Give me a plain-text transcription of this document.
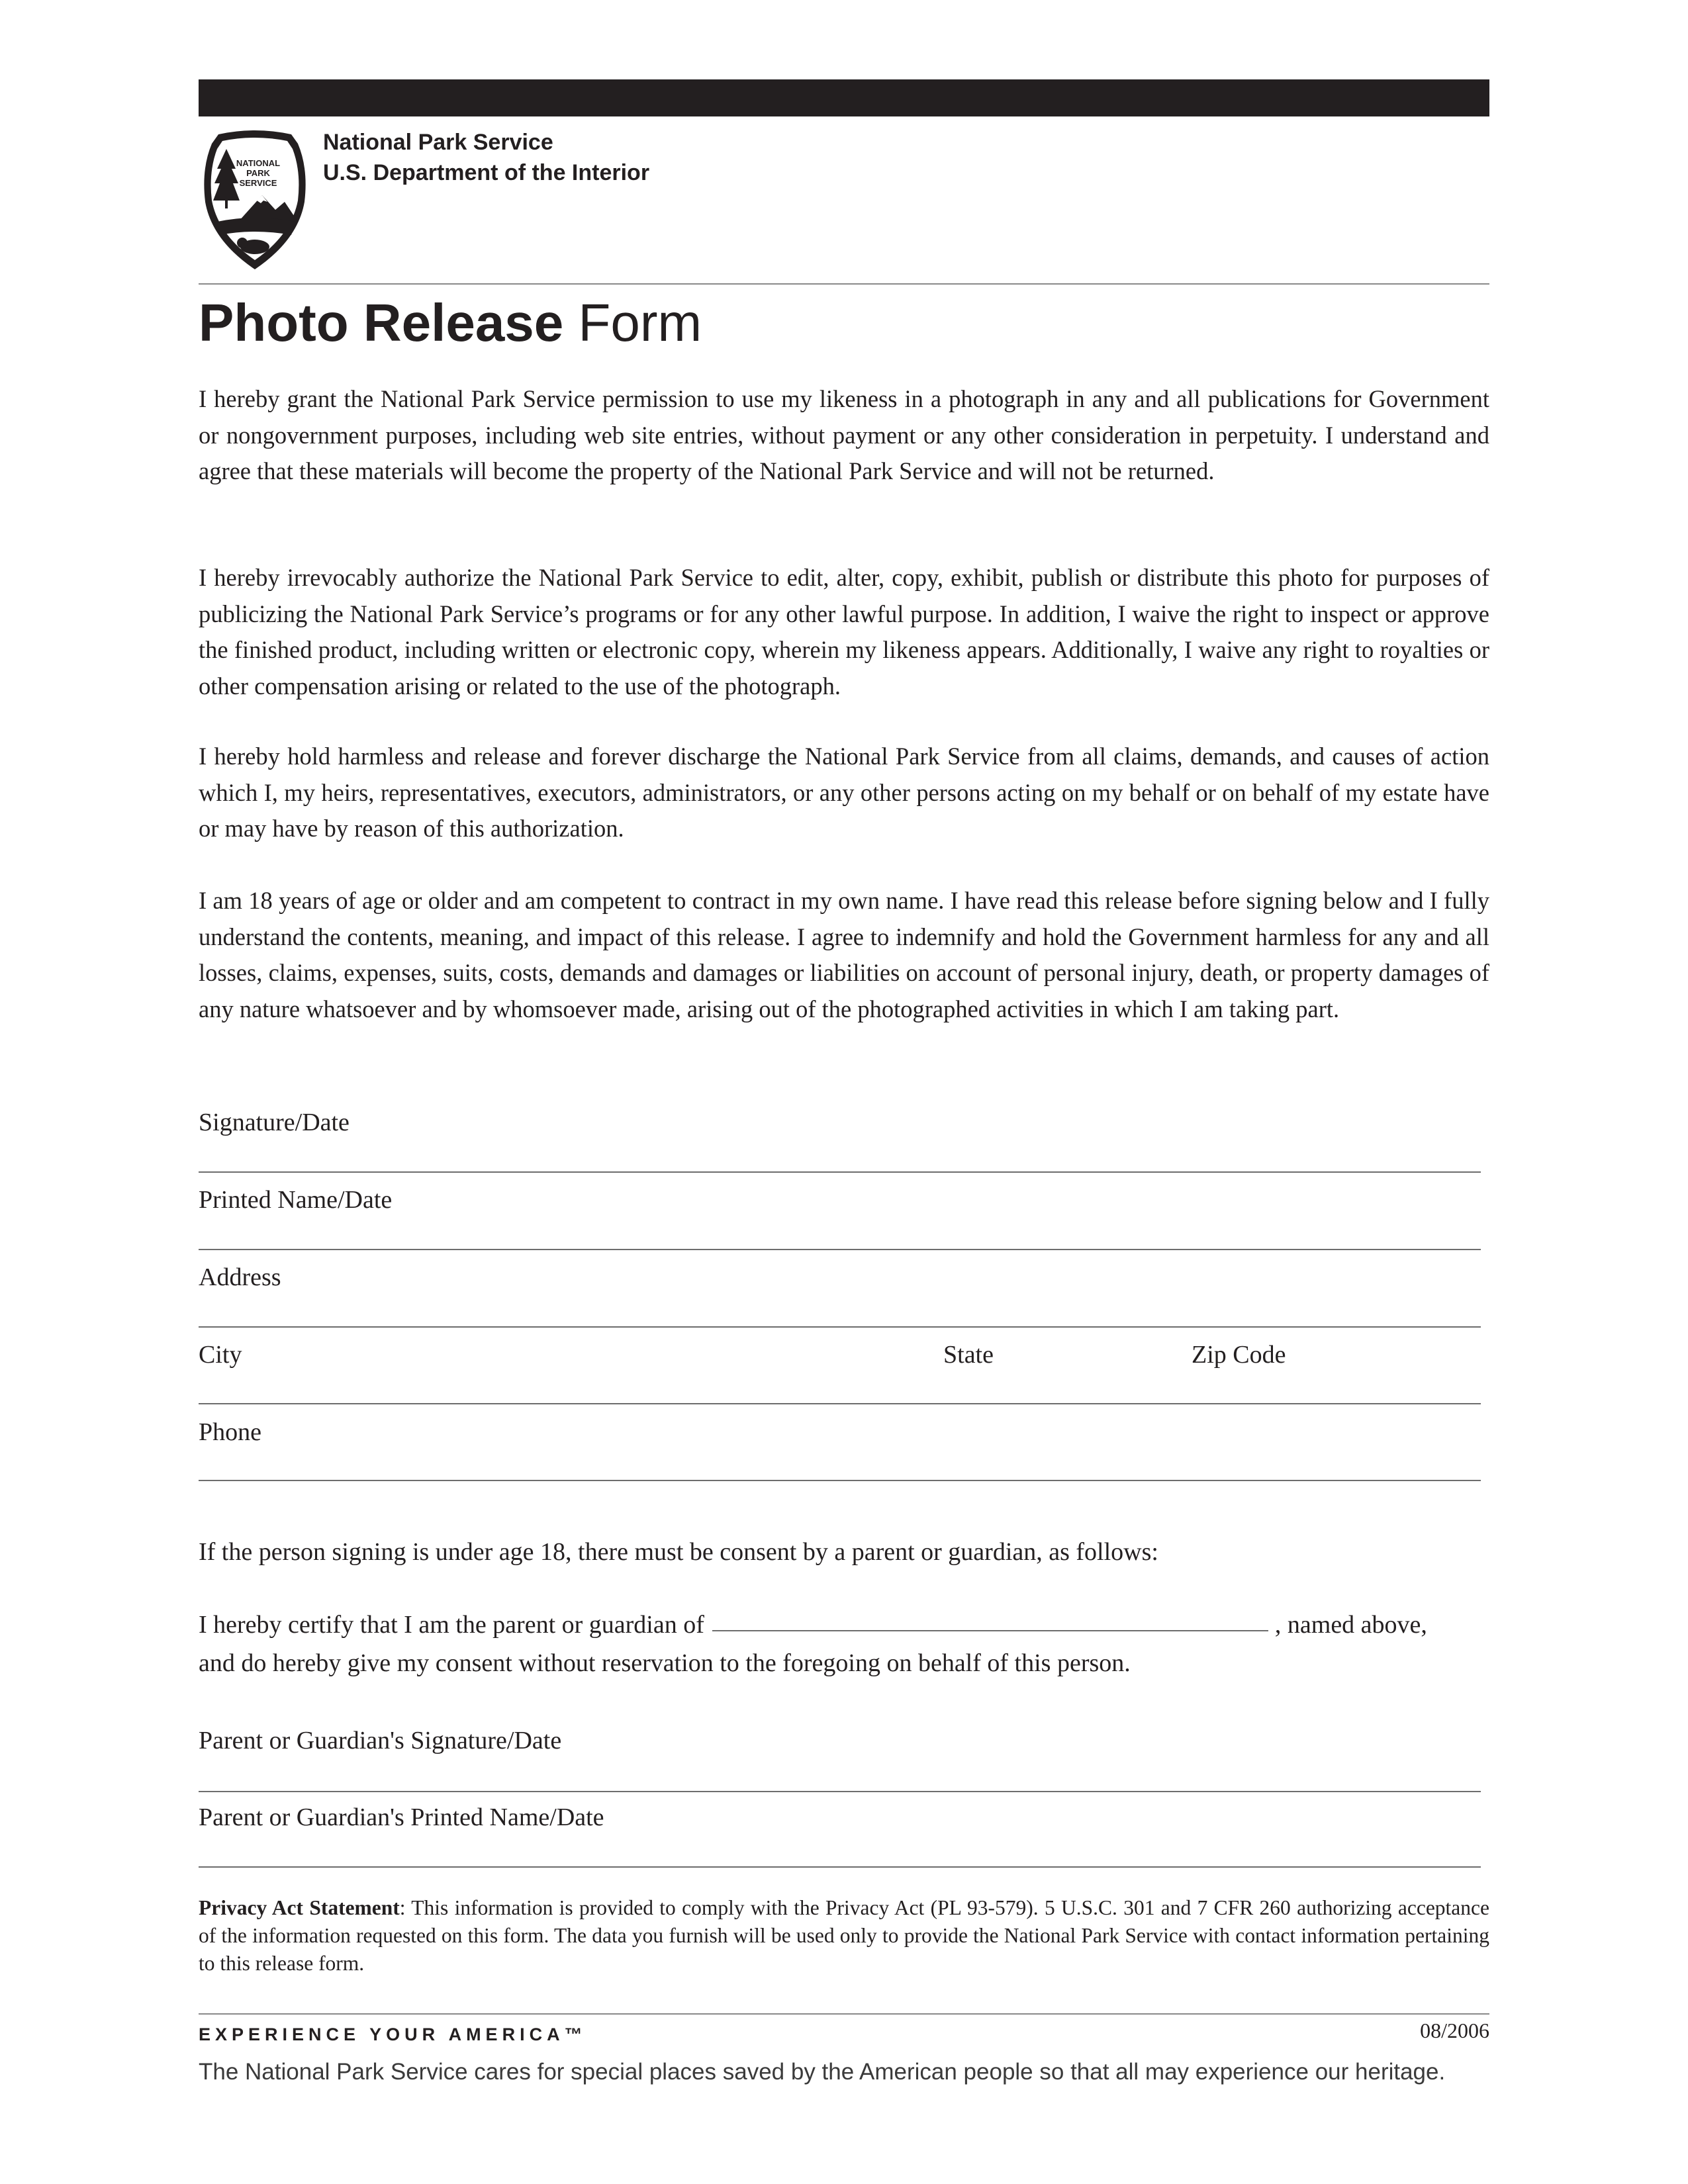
NATIONAL
PARK
SERVICE
National Park Service
U.S. Department of the Interior
Photo Release Form

I hereby grant the National Park Service permission to use my likeness in a photograph in any and all publications for Government or nongovernment purposes, including web site entries, without payment or any other consideration in perpetuity. I understand and agree that these materials will become the property of the National Park Service and will not be returned.

I hereby irrevocably authorize the National Park Service to edit, alter, copy, exhibit, publish or distribute this photo for purposes of publicizing the National Park Service’s programs or for any other lawful purpose. In addition, I waive the right to inspect or approve the finished product, including written or electronic copy, wherein my likeness appears. Additionally, I waive any right to royalties or other compensation arising or related to the use of the photograph.

I hereby hold harmless and release and forever discharge the National Park Service from all claims, demands, and causes of action which I, my heirs, representatives, executors, administrators, or any other persons acting on my behalf or on behalf of my estate have or may have by reason of this authorization.

I am 18 years of age or older and am competent to contract in my own name. I have read this release before signing below and I fully understand the contents, meaning, and impact of this release. I agree to indemnify and hold the Government harmless for any and all losses, claims, expenses, suits, costs, demands and damages or liabilities on account of personal injury, death, or property damages of any nature whatsoever and by whomsoever made, arising out of the photographed activities in which I am taking part.

Signature/Date
Printed Name/Date
Address
City	State	Zip Code
Phone
If the person signing is under age 18, there must be consent by a parent or guardian, as follows:
I hereby certify that I am the parent or guardian of	, named above,
and do hereby give my consent without reservation to the foregoing on behalf of this person.
Parent or Guardian's Signature/Date
Parent or Guardian's Printed Name/Date

Privacy Act Statement: This information is provided to comply with the Privacy Act (PL 93-579). 5 U.S.C. 301 and 7 CFR 260 authorizing acceptance of the information requested on this form. The data you furnish will be used only to provide the National Park Service with contact information pertaining to this release form.

EXPERIENCE YOUR AMERICA™	08/2006
The National Park Service cares for special places saved by the American people so that all may experience our heritage.
